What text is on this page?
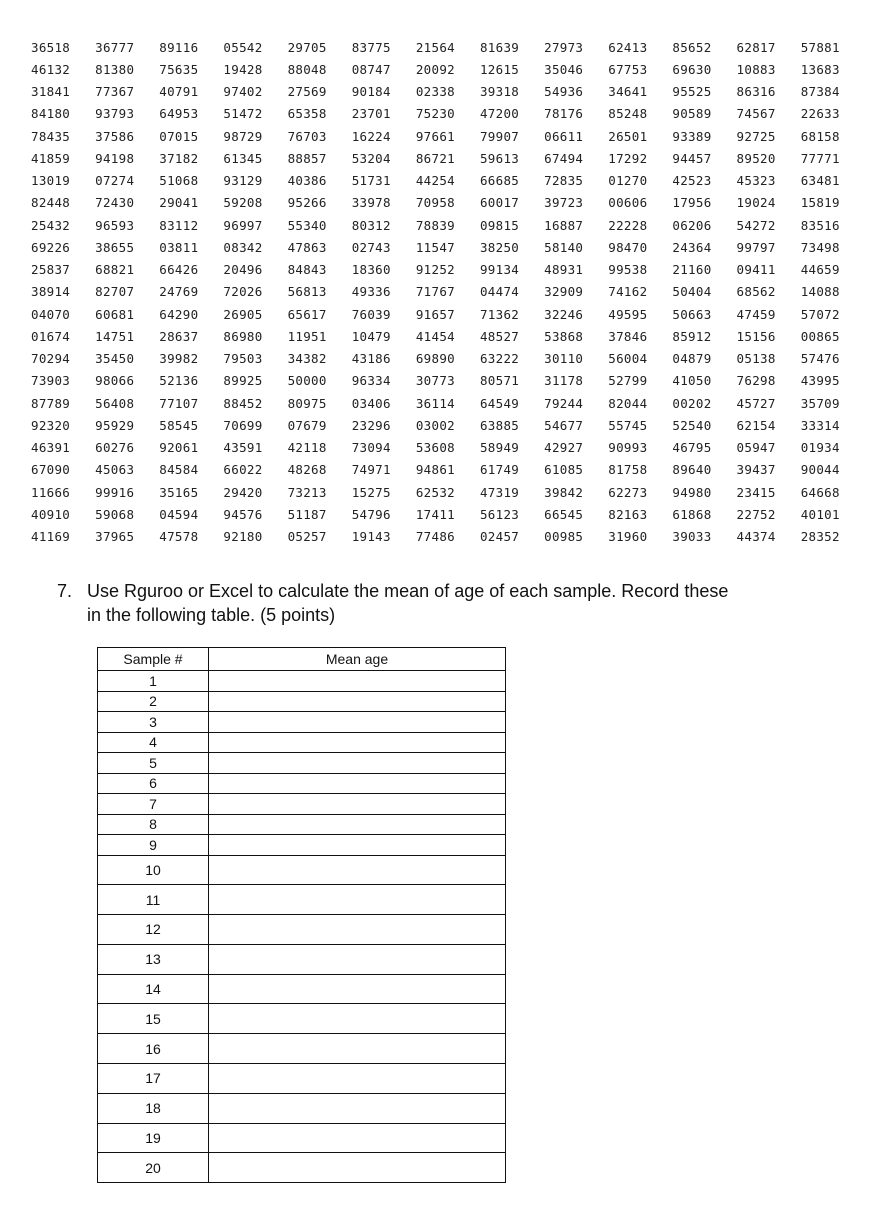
36518	36777	89116	05542	29705	83775	21564	81639	27973	62413	85652	62817	57881
46132	81380	75635	19428	88048	08747	20092	12615	35046	67753	69630	10883	13683
31841	77367	40791	97402	27569	90184	02338	39318	54936	34641	95525	86316	87384
84180	93793	64953	51472	65358	23701	75230	47200	78176	85248	90589	74567	22633
78435	37586	07015	98729	76703	16224	97661	79907	06611	26501	93389	92725	68158
41859	94198	37182	61345	88857	53204	86721	59613	67494	17292	94457	89520	77771
13019	07274	51068	93129	40386	51731	44254	66685	72835	01270	42523	45323	63481
82448	72430	29041	59208	95266	33978	70958	60017	39723	00606	17956	19024	15819
25432	96593	83112	96997	55340	80312	78839	09815	16887	22228	06206	54272	83516
69226	38655	03811	08342	47863	02743	11547	38250	58140	98470	24364	99797	73498
25837	68821	66426	20496	84843	18360	91252	99134	48931	99538	21160	09411	44659
38914	82707	24769	72026	56813	49336	71767	04474	32909	74162	50404	68562	14088
04070	60681	64290	26905	65617	76039	91657	71362	32246	49595	50663	47459	57072
01674	14751	28637	86980	11951	10479	41454	48527	53868	37846	85912	15156	00865
70294	35450	39982	79503	34382	43186	69890	63222	30110	56004	04879	05138	57476
73903	98066	52136	89925	50000	96334	30773	80571	31178	52799	41050	76298	43995
87789	56408	77107	88452	80975	03406	36114	64549	79244	82044	00202	45727	35709
92320	95929	58545	70699	07679	23296	03002	63885	54677	55745	52540	62154	33314
46391	60276	92061	43591	42118	73094	53608	58949	42927	90993	46795	05947	01934
67090	45063	84584	66022	48268	74971	94861	61749	61085	81758	89640	39437	90044
11666	99916	35165	29420	73213	15275	62532	47319	39842	62273	94980	23415	64668
40910	59068	04594	94576	51187	54796	17411	56123	66545	82163	61868	22752	40101
41169	37965	47578	92180	05257	19143	77486	02457	00985	31960	39033	44374	28352
7. Use Rguroo or Excel to calculate the mean of age of each sample. Record these
in the following table. (5 points)
Sample #	Mean age
1	
2	
3	
4	
5	
6	
7	
8	
9	
10	
11	
12	
13	
14	
15	
16	
17	
18	
19	
20	
